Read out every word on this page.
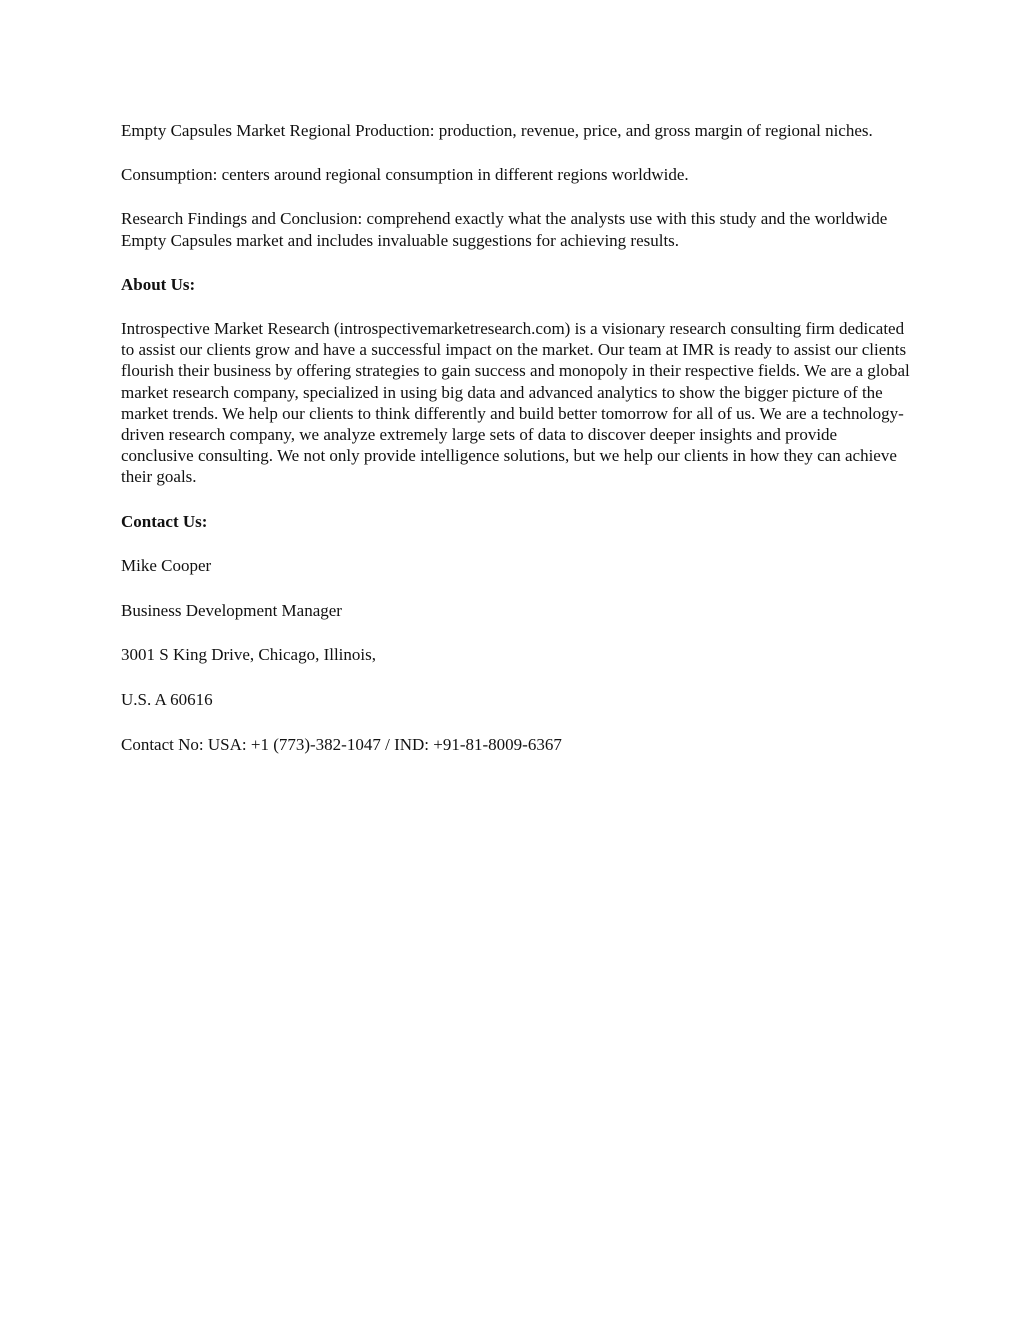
Empty Capsules Market Regional Production: production, revenue, price, and gross margin of regional niches.

Consumption: centers around regional consumption in different regions worldwide.

Research Findings and Conclusion: comprehend exactly what the analysts use with this study and the worldwide Empty Capsules market and includes invaluable suggestions for achieving results.

About Us:

Introspective Market Research (introspectivemarketresearch.com) is a visionary research consulting firm dedicated to assist our clients grow and have a successful impact on the market. Our team at IMR is ready to assist our clients flourish their business by offering strategies to gain success and monopoly in their respective fields. We are a global market research company, specialized in using big data and advanced analytics to show the bigger picture of the market trends. We help our clients to think differently and build better tomorrow for all of us. We are a technology-driven research company, we analyze extremely large sets of data to discover deeper insights and provide conclusive consulting. We not only provide intelligence solutions, but we help our clients in how they can achieve their goals.

Contact Us:

Mike Cooper

Business Development Manager

3001 S King Drive, Chicago, Illinois,

U.S. A 60616

Contact No: USA: +1 (773)-382-1047 / IND: +91-81-8009-6367
